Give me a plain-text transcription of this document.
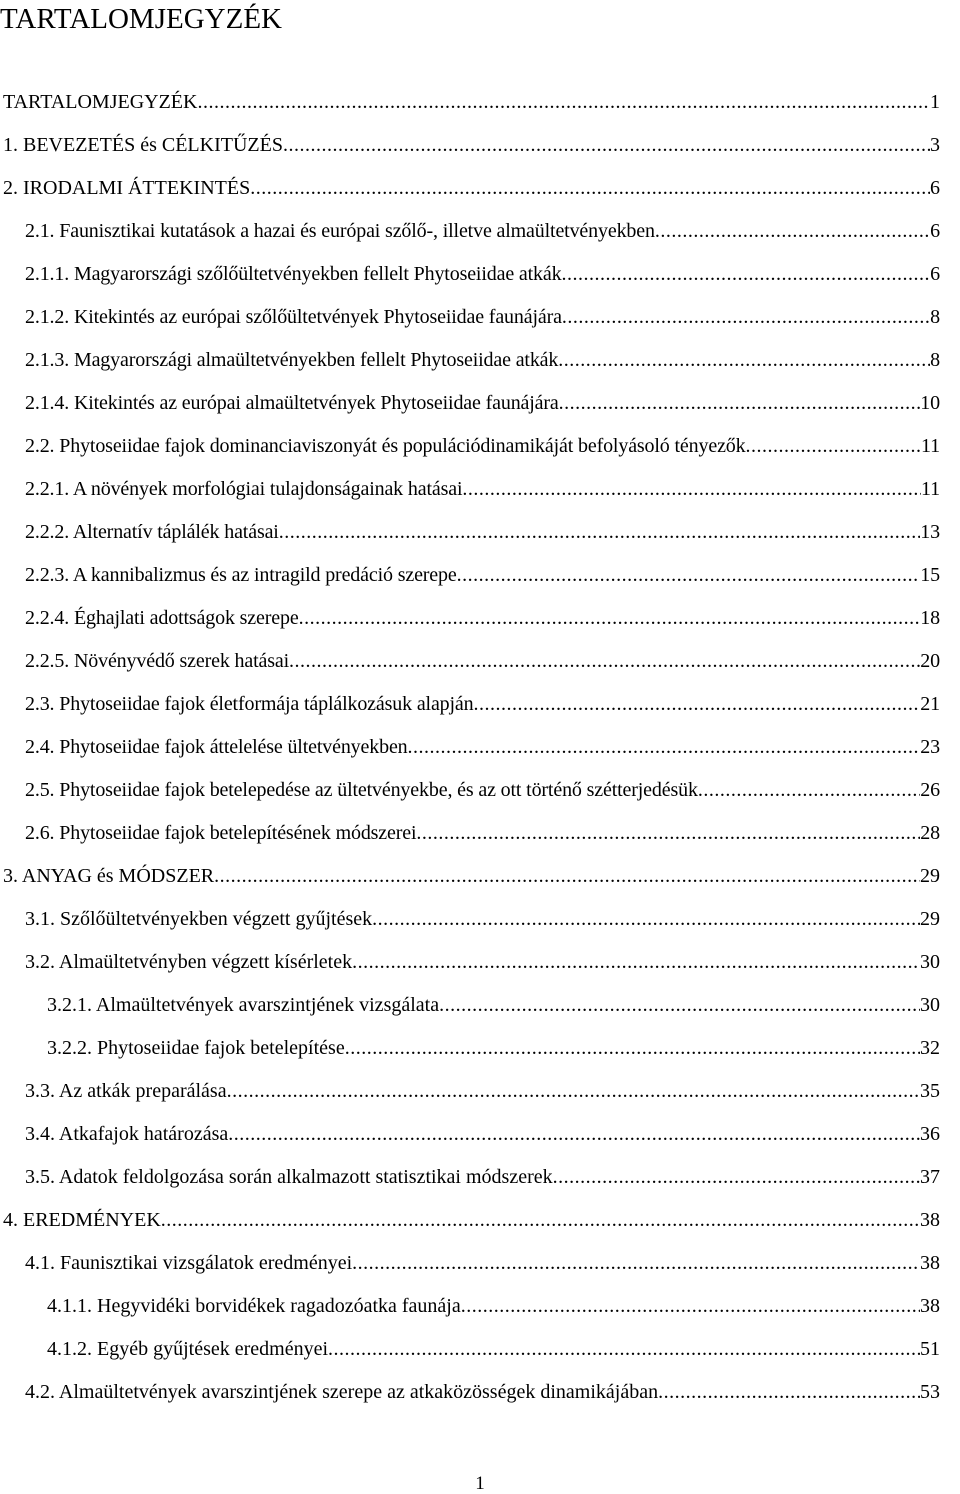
TARTALOMJEGYZÉK
TARTALOMJEGYZÉK .....	1
1. BEVEZETÉS és CÉLKITŰZÉS .....	3
2. IRODALMI ÁTTEKINTÉS .....	6
2.1. Faunisztikai kutatások a hazai és európai szőlő-, illetve almaültetvényekben .....	6
2.1.1. Magyarországi szőlőültetvényekben fellelt Phytoseiidae atkák .....	6
2.1.2. Kitekintés az európai szőlőültetvények Phytoseiidae faunájára .....	8
2.1.3. Magyarországi almaültetvényekben fellelt Phytoseiidae atkák .....	8
2.1.4. Kitekintés az európai almaültetvények Phytoseiidae faunájára .....	10
2.2. Phytoseiidae fajok dominanciaviszonyát és populációdinamikáját befolyásoló tényezők .....	11
2.2.1. A növények morfológiai tulajdonságainak hatásai .....	11
2.2.2. Alternatív táplálék hatásai .....	13
2.2.3. A kannibalizmus és az intragild predáció szerepe .....	15
2.2.4. Éghajlati adottságok szerepe .....	18
2.2.5. Növényvédő szerek hatásai .....	20
2.3. Phytoseiidae fajok életformája táplálkozásuk alapján .....	21
2.4. Phytoseiidae fajok áttelelése ültetvényekben .....	23
2.5. Phytoseiidae fajok betelepedése az ültetvényekbe, és az ott történő szétterjedésük .....	26
2.6. Phytoseiidae fajok betelepítésének módszerei .....	28
3. ANYAG és MÓDSZER .....	29
3.1. Szőlőültetvényekben végzett gyűjtések .....	29
3.2. Almaültetvényben végzett kísérletek .....	30
3.2.1. Almaültetvények avarszintjének vizsgálata .....	30
3.2.2. Phytoseiidae fajok betelepítése .....	32
3.3. Az atkák preparálása .....	35
3.4. Atkafajok határozása .....	36
3.5. Adatok feldolgozása során alkalmazott statisztikai módszerek .....	37
4. EREDMÉNYEK .....	38
4.1. Faunisztikai vizsgálatok eredményei .....	38
4.1.1. Hegyvidéki borvidékek ragadozóatka faunája .....	38
4.1.2. Egyéb gyűjtések eredményei .....	51
4.2. Almaültetvények avarszintjének szerepe az atkaközösségek dinamikájában .....	53
1
